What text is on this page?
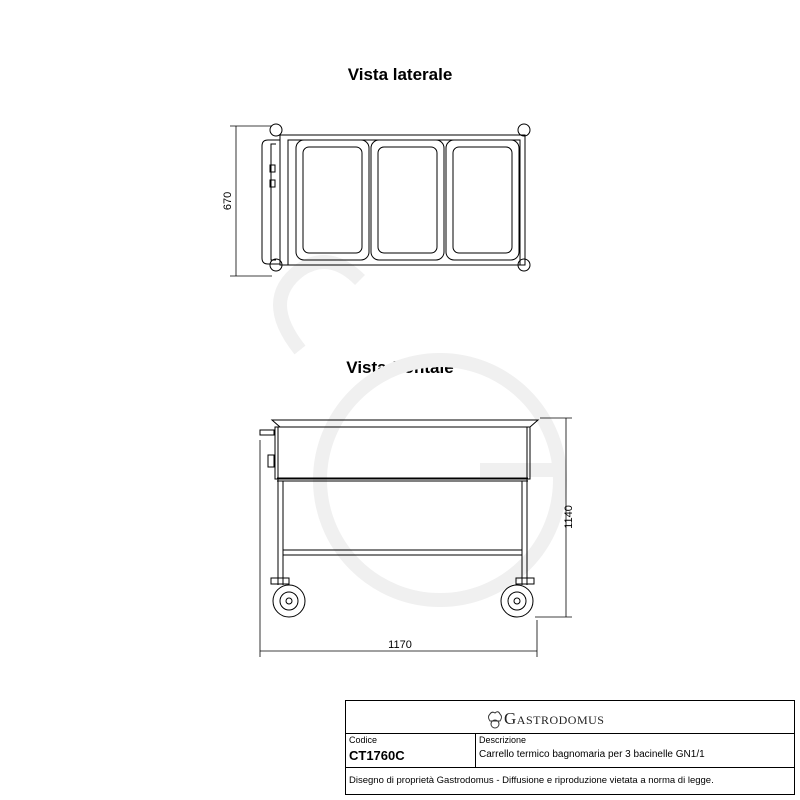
Vista laterale
Vista frontale
670
1140
1170
Gastrodomus
Codice
CT1760C
Descrizione
Carrello termico bagnomaria per 3 bacinelle GN1/1
Disegno di proprietà Gastrodomus - Diffusione e riproduzione vietata a norma di legge.
